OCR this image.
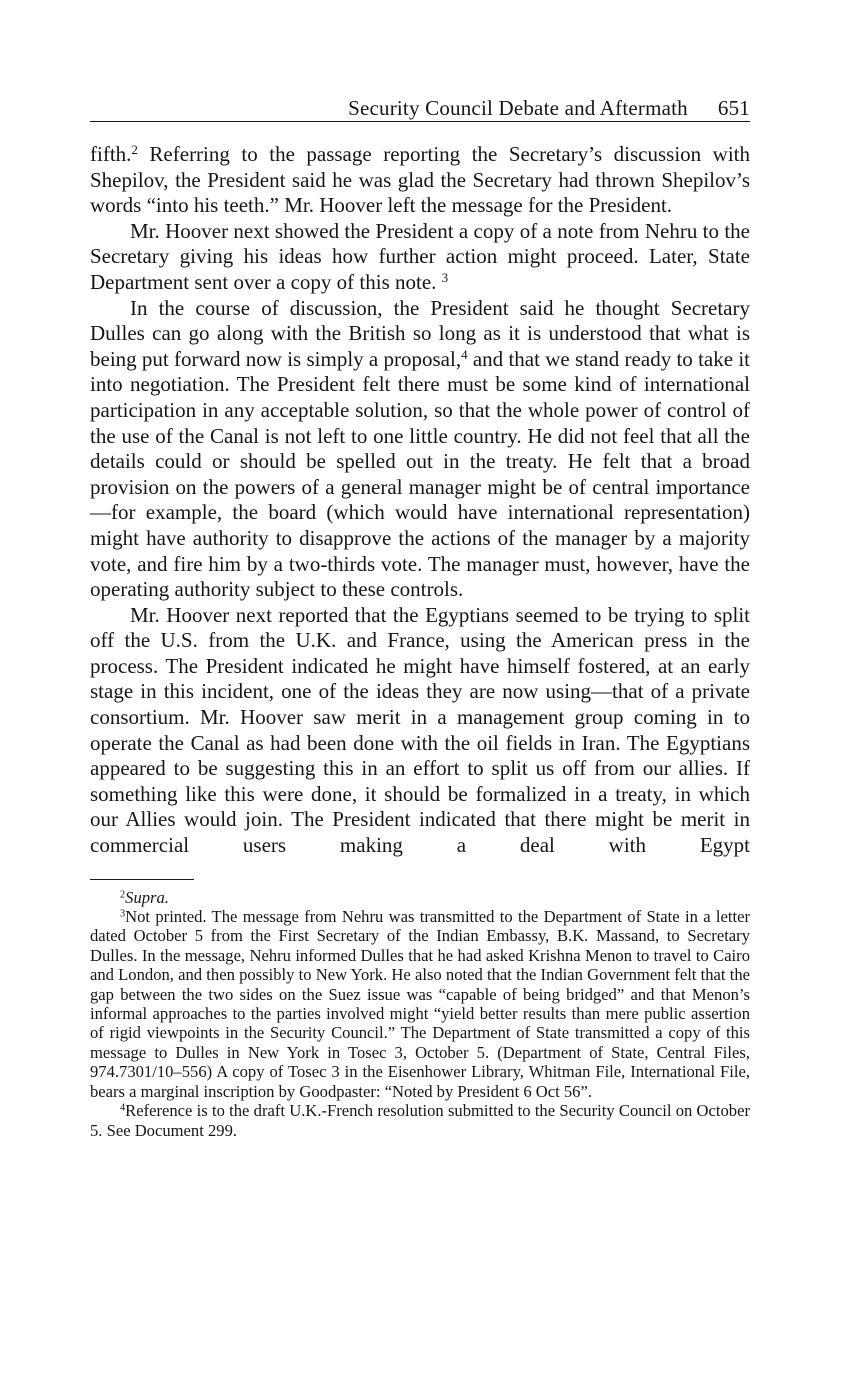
Security Council Debate and Aftermath 651

fifth.$^2$ Referring to the passage reporting the Secretary’s discussion with Shepilov, the President said he was glad the Secretary had thrown Shepilov’s words “into his teeth.” Mr. Hoover left the message for the President.

Mr. Hoover next showed the President a copy of a note from Nehru to the Secretary giving his ideas how further action might proceed. Later, State Department sent over a copy of this note. $^3$

In the course of discussion, the President said he thought Secretary Dulles can go along with the British so long as it is understood that what is being put forward now is simply a proposal,$^4$ and that we stand ready to take it into negotiation. The President felt there must be some kind of international participation in any acceptable solution, so that the whole power of control of the use of the Canal is not left to one little country. He did not feel that all the details could or should be spelled out in the treaty. He felt that a broad provision on the powers of a general manager might be of central importance—for example, the board (which would have international representation) might have authority to disapprove the actions of the manager by a majority vote, and fire him by a two-thirds vote. The manager must, however, have the operating authority subject to these controls.

Mr. Hoover next reported that the Egyptians seemed to be trying to split off the U.S. from the U.K. and France, using the American press in the process. The President indicated he might have himself fostered, at an early stage in this incident, one of the ideas they are now using—that of a private consortium. Mr. Hoover saw merit in a management group coming in to operate the Canal as had been done with the oil fields in Iran. The Egyptians appeared to be suggesting this in an effort to split us off from our allies. If something like this were done, it should be formalized in a treaty, in which our Allies would join. The President indicated that there might be merit in commercial users making a deal with Egypt

$^2$Supra.

$^3$Not printed. The message from Nehru was transmitted to the Department of State in a letter dated October 5 from the First Secretary of the Indian Embassy, B.K. Massand, to Secretary Dulles. In the message, Nehru informed Dulles that he had asked Krishna Menon to travel to Cairo and London, and then possibly to New York. He also noted that the Indian Government felt that the gap between the two sides on the Suez issue was “capable of being bridged” and that Menon’s informal approaches to the parties involved might “yield better results than mere public assertion of rigid viewpoints in the Security Council.” The Department of State transmitted a copy of this message to Dulles in New York in Tosec 3, October 5. (Department of State, Central Files, 974.7301/10–556) A copy of Tosec 3 in the Eisenhower Library, Whitman File, International File, bears a marginal inscription by Goodpaster: “Noted by President 6 Oct 56”.

$^4$Reference is to the draft U.K.-French resolution submitted to the Security Council on October 5. See Document 299.
